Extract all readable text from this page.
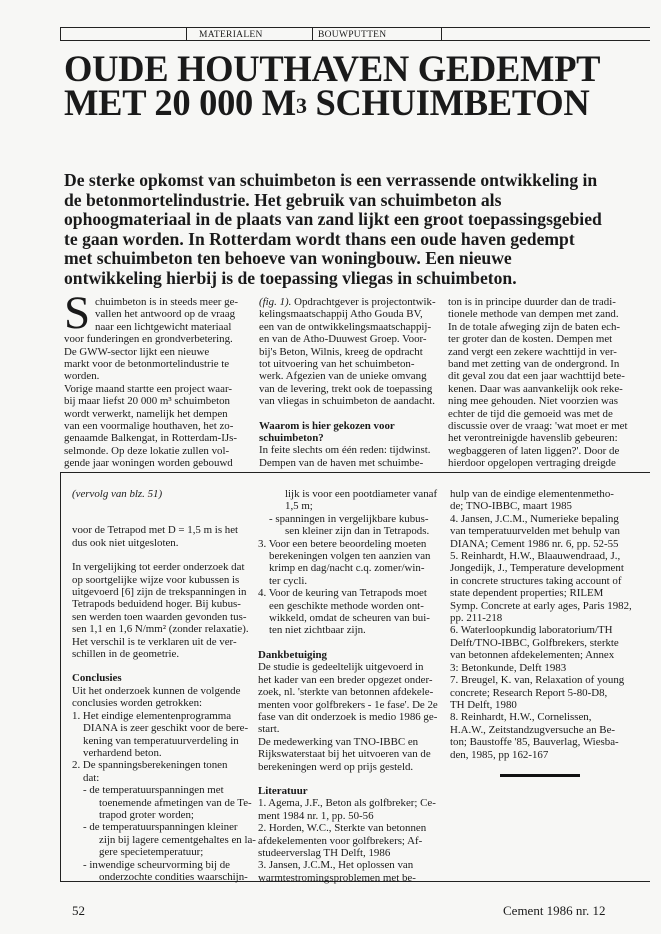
MATERIALEN	BOUWPUTTEN
OUDE HOUTHAVEN GEDEMPT
MET 20 000 $M^3$ SCHUIMBETON
De sterke opkomst van schuimbeton is een verrassende ontwikkeling in
de betonmortelindustrie. Het gebruik van schuimbeton als
ophoogmateriaal in de plaats van zand lijkt een groot toepassingsgebied
te gaan worden. In Rotterdam wordt thans een oude haven gedempt
met schuimbeton ten behoeve van woningbouw. Een nieuwe
ontwikkeling hierbij is de toepassing vliegas in schuimbeton.
S chuimbeton is in steeds meer ge-
vallen het antwoord op de vraag
naar een lichtgewicht materiaal
voor funderingen en grondverbetering.
De GWW-sector lijkt een nieuwe
markt voor de betonmortelindustrie te
worden.
Vorige maand startte een project waar-
bij maar liefst 20 000 m³ schuimbeton
wordt verwerkt, namelijk het dempen
van een voormalige houthaven, het zo-
genaamde Balkengat, in Rotterdam-IJs-
selmonde. Op deze lokatie zullen vol-
gende jaar woningen worden gebouwd
(fig. 1). Opdrachtgever is projectontwik-
kelingsmaatschappij Atho Gouda BV,
een van de ontwikkelingsmaatschappij-
en van de Atho-Duuwest Groep. Voor-
bij's Beton, Wilnis, kreeg de opdracht
tot uitvoering van het schuimbeton-
werk. Afgezien van de unieke omvang
van de levering, trekt ook de toepassing
van vliegas in schuimbeton de aandacht.
Waarom is hier gekozen voor
schuimbeton?
In feite slechts om één reden: tijdwinst.
Dempen van de haven met schuimbe-
ton is in principe duurder dan de tradi-
tionele methode van dempen met zand.
In de totale afweging zijn de baten ech-
ter groter dan de kosten. Dempen met
zand vergt een zekere wachttijd in ver-
band met zetting van de ondergrond. In
dit geval zou dat een jaar wachttijd bete-
kenen. Daar was aanvankelijk ook reke-
ning mee gehouden. Niet voorzien was
echter de tijd die gemoeid was met de
discussie over de vraag: 'wat moet er met
het verontreinigde havenslib gebeuren:
wegbaggeren of laten liggen?'. Door de
hierdoor opgelopen vertraging dreigde
(vervolg van blz. 51)
voor de Tetrapod met D = 1,5 m is het
dus ook niet uitgesloten.
In vergelijking tot eerder onderzoek dat
op soortgelijke wijze voor kubussen is
uitgevoerd [6] zijn de trekspanningen in
Tetrapods beduidend hoger. Bij kubus-
sen werden toen waarden gevonden tus-
sen 1,1 en 1,6 N/mm² (zonder relaxatie).
Het verschil is te verklaren uit de ver-
schillen in de geometrie.
Conclusies
Uit het onderzoek kunnen de volgende
conclusies worden getrokken:
1. Het eindige elementenprogramma
DIANA is zeer geschikt voor de bere-
kening van temperatuurverdeling in
verhardend beton.
2. De spanningsberekeningen tonen
dat:
- de temperatuurspanningen met
toenemende afmetingen van de Te-
trapod groter worden;
- de temperatuurspanningen kleiner
zijn bij lagere cementgehaltes en la-
gere specietemperatuur;
- inwendige scheurvorming bij de
onderzochte condities waarschijn-
lijk is voor een pootdiameter vanaf
1,5 m;
- spanningen in vergelijkbare kubus-
sen kleiner zijn dan in Tetrapods.
3. Voor een betere beoordeling moeten
berekeningen volgen ten aanzien van
krimp en dag/nacht c.q. zomer/win-
ter cycli.
4. Voor de keuring van Tetrapods moet
een geschikte methode worden ont-
wikkeld, omdat de scheuren van bui-
ten niet zichtbaar zijn.
Dankbetuiging
De studie is gedeeltelijk uitgevoerd in
het kader van een breder opgezet onder-
zoek, nl. 'sterkte van betonnen afdekele-
menten voor golfbrekers - 1e fase'. De 2e
fase van dit onderzoek is medio 1986 ge-
start.
De medewerking van TNO-IBBC en
Rijkswaterstaat bij het uitvoeren van de
berekeningen werd op prijs gesteld.
Literatuur
1. Agema, J.F., Beton als golfbreker; Ce-
ment 1984 nr. 1, pp. 50-56
2. Horden, W.C., Sterkte van betonnen
afdekelementen voor golfbrekers; Af-
studeerverslag TH Delft, 1986
3. Jansen, J.C.M., Het oplossen van
warmtestromingsproblemen met be-
hulp van de eindige elementenmetho-
de; TNO-IBBC, maart 1985
4. Jansen, J.C.M., Numerieke bepaling
van temperatuurvelden met behulp van
DIANA; Cement 1986 nr. 6, pp. 52-55
5. Reinhardt, H.W., Blaauwendraad, J.,
Jongedijk, J., Temperature development
in concrete structures taking account of
state dependent properties; RILEM
Symp. Concrete at early ages, Paris 1982,
pp. 211-218
6. Waterloopkundig laboratorium/TH
Delft/TNO-IBBC, Golfbrekers, sterkte
van betonnen afdekelementen; Annex
3: Betonkunde, Delft 1983
7. Breugel, K. van, Relaxation of young
concrete; Research Report 5-80-D8,
TH Delft, 1980
8. Reinhardt, H.W., Cornelissen,
H.A.W., Zeitstandzugversuche an Be-
ton; Baustoffe '85, Bauverlag, Wiesba-
den, 1985, pp 162-167
52	Cement 1986 nr. 12
